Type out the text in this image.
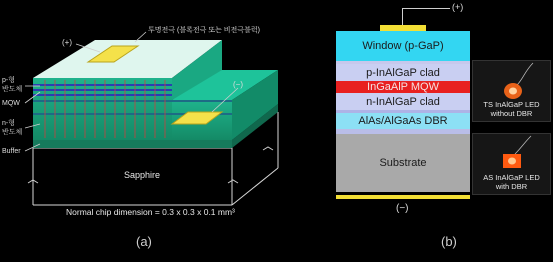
(+)
(−)
투명전극 (블록전극 또는 비전극블럭)
p-형
반도체
MQW
n-형
반도체
Buffer
Sapphire
Normal chip dimension = 0.3 x 0.3 x 0.1 mm³
(a)
(+)
Window (p-GaP)
p-InAlGaP clad
InGaAlP MQW
n-InAlGaP clad
AlAs/AlGaAs DBR
Substrate
(−)
TS InAlGaP LED
without DBR
AS InAlGaP LED
with DBR
(b)
